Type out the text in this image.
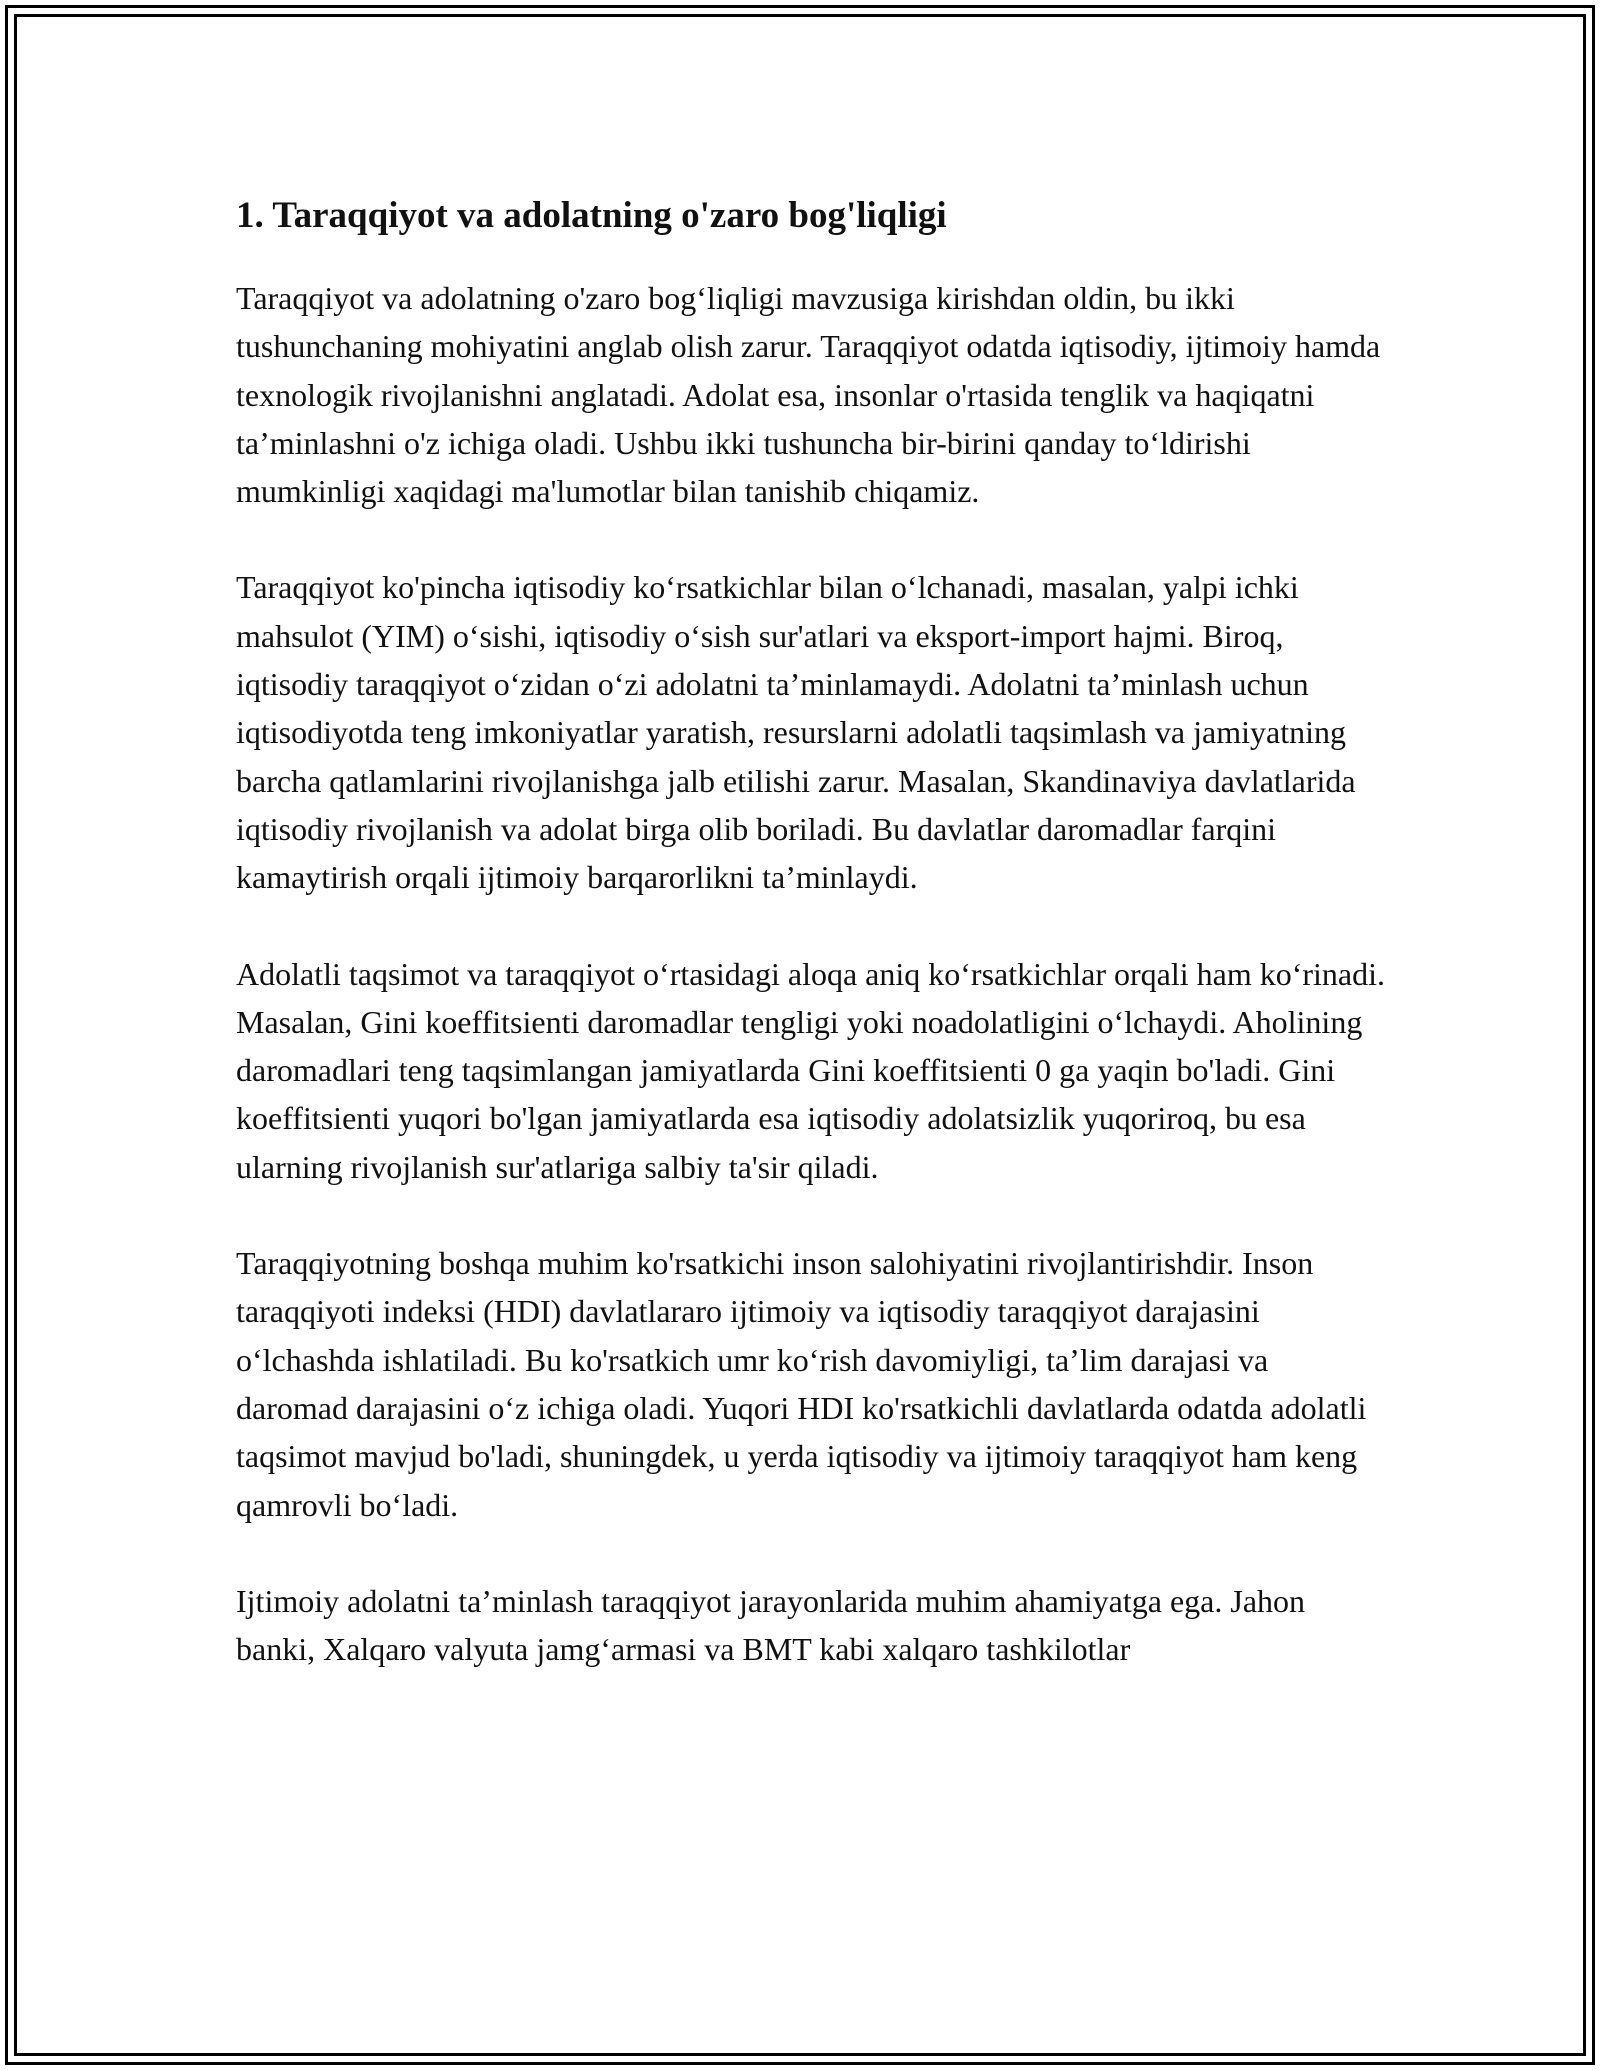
1. Taraqqiyot va adolatning o'zaro bog'liqligi

Taraqqiyot va adolatning o'zaro bog‘liqligi mavzusiga kirishdan oldin, bu ikki tushunchaning mohiyatini anglab olish zarur. Taraqqiyot odatda iqtisodiy, ijtimoiy hamda texnologik rivojlanishni anglatadi. Adolat esa, insonlar o'rtasida tenglik va haqiqatni ta’minlashni o'z ichiga oladi. Ushbu ikki tushuncha bir-birini qanday to‘ldirishi mumkinligi xaqidagi ma'lumotlar bilan tanishib chiqamiz.

Taraqqiyot ko'pincha iqtisodiy ko‘rsatkichlar bilan o‘lchanadi, masalan, yalpi ichki mahsulot (YIM) o‘sishi, iqtisodiy o‘sish sur'atlari va eksport-import hajmi. Biroq, iqtisodiy taraqqiyot o‘zidan o‘zi adolatni ta’minlamaydi. Adolatni ta’minlash uchun iqtisodiyotda teng imkoniyatlar yaratish, resurslarni adolatli taqsimlash va jamiyatning barcha qatlamlarini rivojlanishga jalb etilishi zarur. Masalan, Skandinaviya davlatlarida iqtisodiy rivojlanish va adolat birga olib boriladi. Bu davlatlar daromadlar farqini kamaytirish orqali ijtimoiy barqarorlikni ta’minlaydi.

Adolatli taqsimot va taraqqiyot o‘rtasidagi aloqa aniq ko‘rsatkichlar orqali ham ko‘rinadi. Masalan, Gini koeffitsienti daromadlar tengligi yoki noadolatligini o‘lchaydi. Aholining daromadlari teng taqsimlangan jamiyatlarda Gini koeffitsienti 0 ga yaqin bo'ladi. Gini koeffitsienti yuqori bo'lgan jamiyatlarda esa iqtisodiy adolatsizlik yuqoriroq, bu esa ularning rivojlanish sur'atlariga salbiy ta'sir qiladi.

Taraqqiyotning boshqa muhim ko'rsatkichi inson salohiyatini rivojlantirishdir. Inson taraqqiyoti indeksi (HDI) davlatlararo ijtimoiy va iqtisodiy taraqqiyot darajasini o‘lchashda ishlatiladi. Bu ko'rsatkich umr ko‘rish davomiyligi, ta’lim darajasi va daromad darajasini o‘z ichiga oladi. Yuqori HDI ko'rsatkichli davlatlarda odatda adolatli taqsimot mavjud bo'ladi, shuningdek, u yerda iqtisodiy va ijtimoiy taraqqiyot ham keng qamrovli bo‘ladi.

Ijtimoiy adolatni ta’minlash taraqqiyot jarayonlarida muhim ahamiyatga ega. Jahon banki, Xalqaro valyuta jamg‘armasi va BMT kabi xalqaro tashkilotlar
